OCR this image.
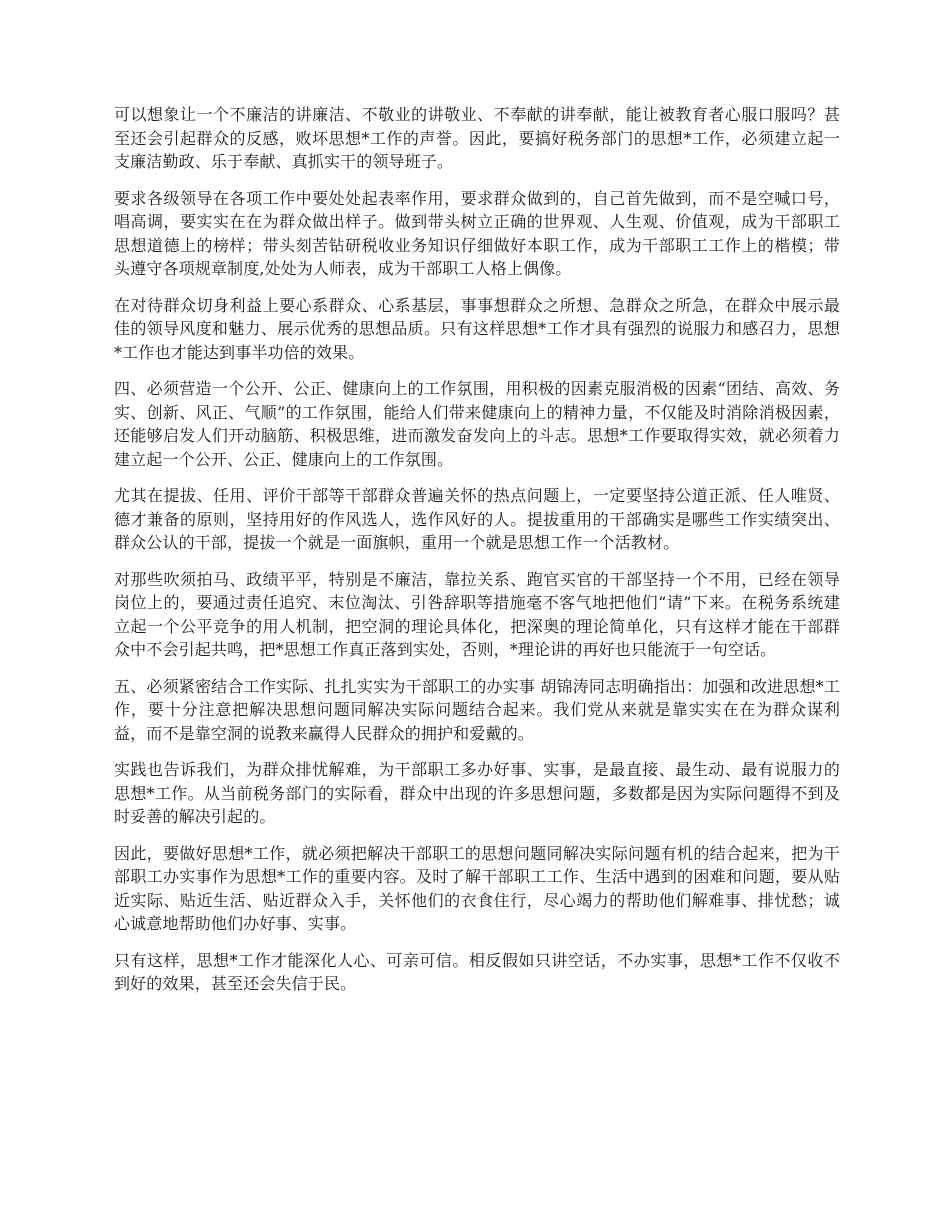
可以想象让一个不廉洁的讲廉洁、不敬业的讲敬业、不奉献的讲奉献，能让被教育者心服口服吗？甚至还会引起群众的反感，败坏思想*工作的声誉。因此，要搞好税务部门的思想*工作，必须建立起一支廉洁勤政、乐于奉献、真抓实干的领导班子。

要求各级领导在各项工作中要处处起表率作用，要求群众做到的，自己首先做到，而不是空喊口号，唱高调，要实实在在为群众做出样子。做到带头树立正确的世界观、人生观、价值观，成为干部职工思想道德上的榜样；带头刻苦钻研税收业务知识仔细做好本职工作，成为干部职工工作上的楷模；带头遵守各项规章制度,处处为人师表，成为干部职工人格上偶像。

在对待群众切身利益上要心系群众、心系基层，事事想群众之所想、急群众之所急，在群众中展示最佳的领导风度和魅力、展示优秀的思想品质。只有这样思想*工作才具有强烈的说服力和感召力，思想*工作也才能达到事半功倍的效果。

四、必须营造一个公开、公正、健康向上的工作氛围，用积极的因素克服消极的因素“团结、高效、务实、创新、风正、气顺”的工作氛围，能给人们带来健康向上的精神力量，不仅能及时消除消极因素，还能够启发人们开动脑筋、积极思维，进而激发奋发向上的斗志。思想*工作要取得实效，就必须着力建立起一个公开、公正、健康向上的工作氛围。

尤其在提拔、任用、评价干部等干部群众普遍关怀的热点问题上，一定要坚持公道正派、任人唯贤、德才兼备的原则，坚持用好的作风选人，选作风好的人。提拔重用的干部确实是哪些工作实绩突出、群众公认的干部，提拔一个就是一面旗帜，重用一个就是思想工作一个活教材。

对那些吹须拍马、政绩平平，特别是不廉洁，靠拉关系、跑官买官的干部坚持一个不用，已经在领导岗位上的，要通过责任追究、末位淘汰、引咎辞职等措施毫不客气地把他们“请”下来。在税务系统建立起一个公平竞争的用人机制，把空洞的理论具体化，把深奥的理论简单化，只有这样才能在干部群众中不会引起共鸣，把*思想工作真正落到实处，否则，*理论讲的再好也只能流于一句空话。

五、必须紧密结合工作实际、扎扎实实为干部职工的办实事 胡锦涛同志明确指出：加强和改进思想*工作，要十分注意把解决思想问题同解决实际问题结合起来。我们党从来就是靠实实在在为群众谋利益，而不是靠空洞的说教来赢得人民群众的拥护和爱戴的。

实践也告诉我们，为群众排忧解难，为干部职工多办好事、实事，是最直接、最生动、最有说服力的思想*工作。从当前税务部门的实际看，群众中出现的许多思想问题，多数都是因为实际问题得不到及时妥善的解决引起的。

因此，要做好思想*工作，就必须把解决干部职工的思想问题同解决实际问题有机的结合起来，把为干部职工办实事作为思想*工作的重要内容。及时了解干部职工工作、生活中遇到的困难和问题，要从贴近实际、贴近生活、贴近群众入手，关怀他们的衣食住行，尽心竭力的帮助他们解难事、排忧愁；诚心诚意地帮助他们办好事、实事。

只有这样，思想*工作才能深化人心、可亲可信。相反假如只讲空话，不办实事，思想*工作不仅收不到好的效果，甚至还会失信于民。
